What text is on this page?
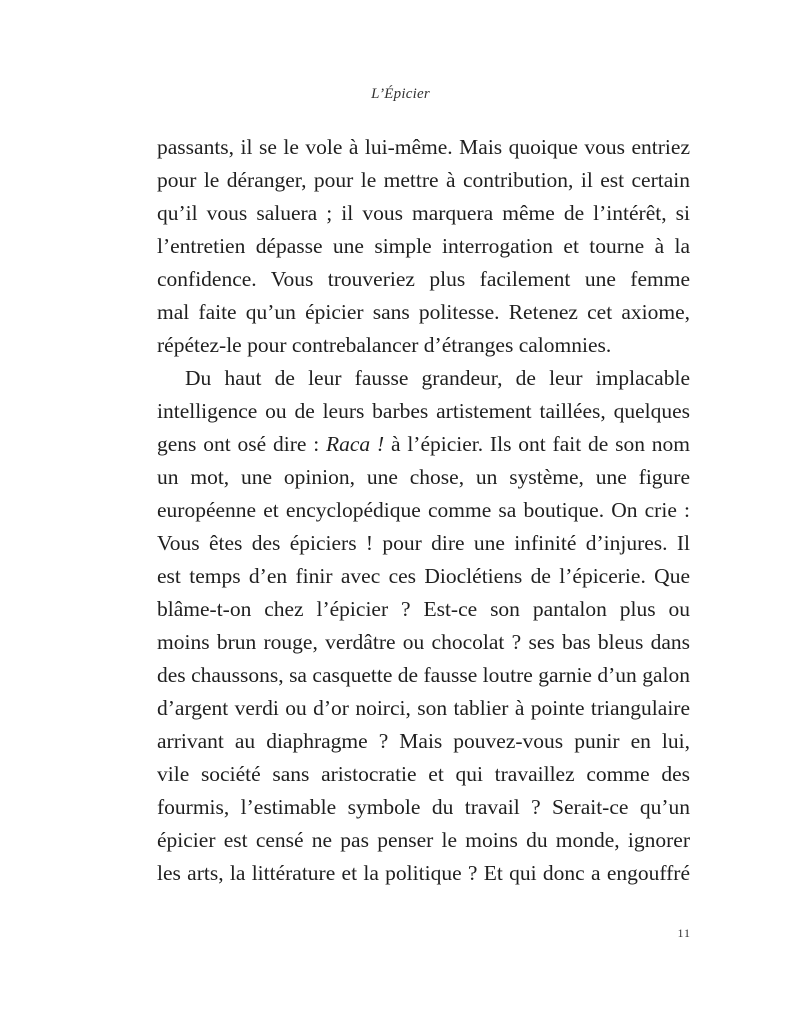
L’Épicier
passants, il se le vole à lui-même. Mais quoique vous entriez
pour le déranger, pour le mettre à contribution, il est certain
qu’il vous saluera ; il vous marquera même de l’intérêt, si
l’entretien dépasse une simple interrogation et tourne à la
confidence. Vous trouveriez plus facilement une femme
mal faite qu’un épicier sans politesse. Retenez cet axiome,
répétez-le pour contrebalancer d’étranges calomnies.
Du haut de leur fausse grandeur, de leur implacable
intelligence ou de leurs barbes artistement taillées, quelques
gens ont osé dire : Raca ! à l’épicier. Ils ont fait de son nom
un mot, une opinion, une chose, un système, une figure
européenne et encyclopédique comme sa boutique. On crie :
Vous êtes des épiciers ! pour dire une infinité d’injures. Il
est temps d’en finir avec ces Dioclétiens de l’épicerie. Que
blâme-t-on chez l’épicier ? Est-ce son pantalon plus ou
moins brun rouge, verdâtre ou chocolat ? ses bas bleus dans
des chaussons, sa casquette de fausse loutre garnie d’un galon
d’argent verdi ou d’or noirci, son tablier à pointe triangulaire
arrivant au diaphragme ? Mais pouvez-vous punir en lui,
vile société sans aristocratie et qui travaillez comme des
fourmis, l’estimable symbole du travail ? Serait-ce qu’un
épicier est censé ne pas penser le moins du monde, ignorer
les arts, la littérature et la politique ? Et qui donc a engouffré
11
